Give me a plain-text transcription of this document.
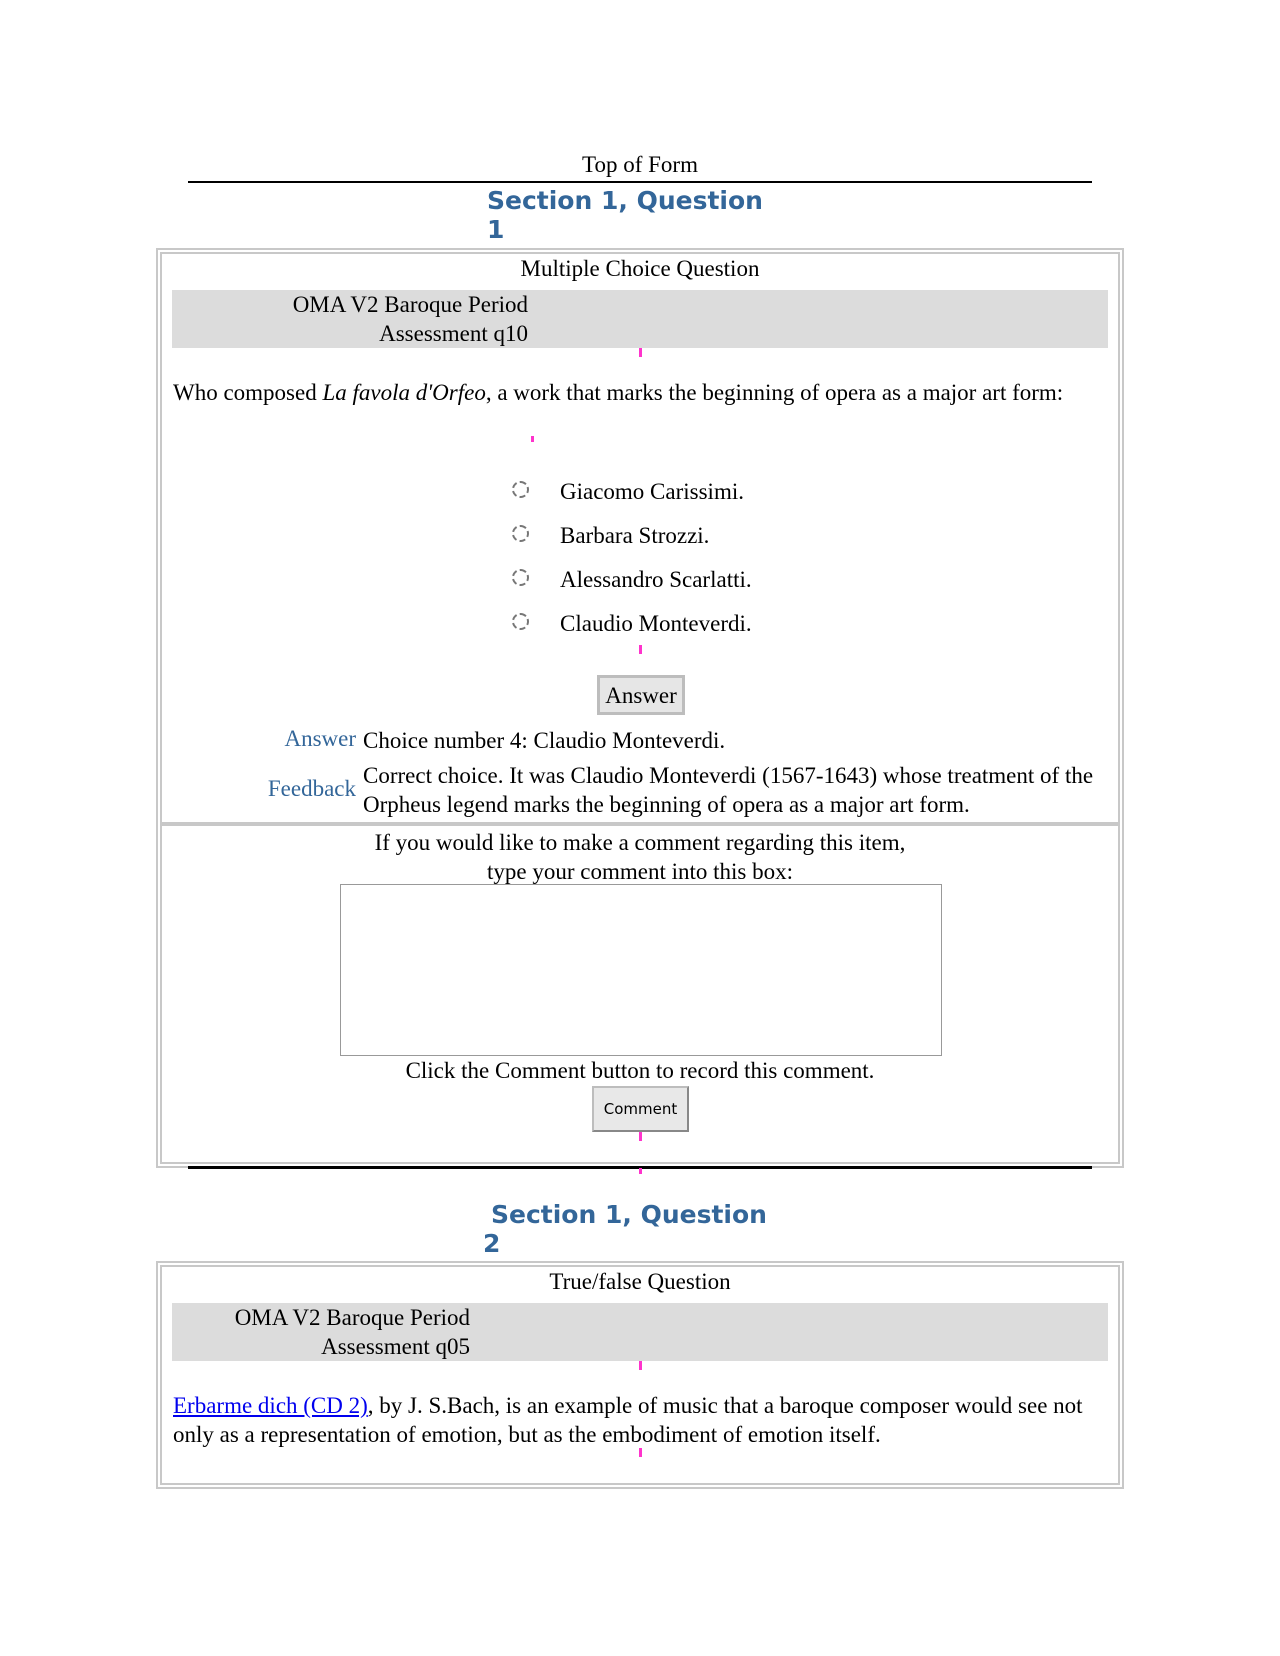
Top of Form
Section 1, Question
1
Multiple Choice Question
OMA V2 Baroque Period
Assessment q10
Who composed La favola d'Orfeo, a work that marks the beginning of opera as a major art form:
Giacomo Carissimi.
Barbara Strozzi.
Alessandro Scarlatti.
Claudio Monteverdi.
Answer
Answer Choice number 4: Claudio Monteverdi.
Feedback
Correct choice. It was Claudio Monteverdi (1567-1643) whose treatment of the Orpheus legend marks the beginning of opera as a major art form.
If you would like to make a comment regarding this item,
type your comment into this box:
Click the Comment button to record this comment.
Comment
Section 1, Question
2
True/false Question
OMA V2 Baroque Period
Assessment q05
Erbarme dich (CD 2), by J. S.Bach, is an example of music that a baroque composer would see not only as a representation of emotion, but as the embodiment of emotion itself.
